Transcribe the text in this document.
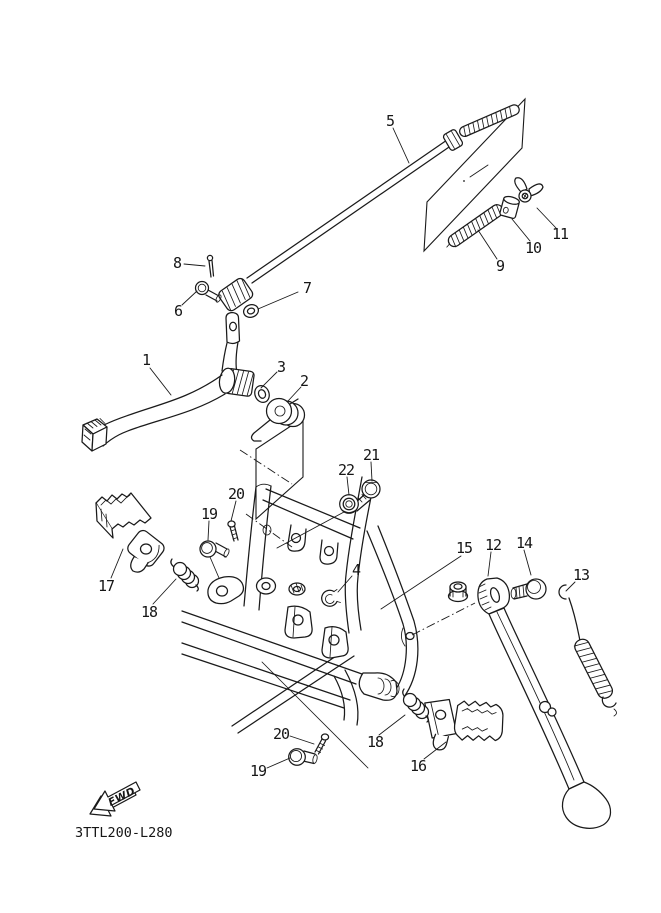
1
2
3
4
5
6
7
8	9
10
11
12
13
14
15
16
17
18
18
19
19
20
20
21
22
FWD
3TTL200-L280
